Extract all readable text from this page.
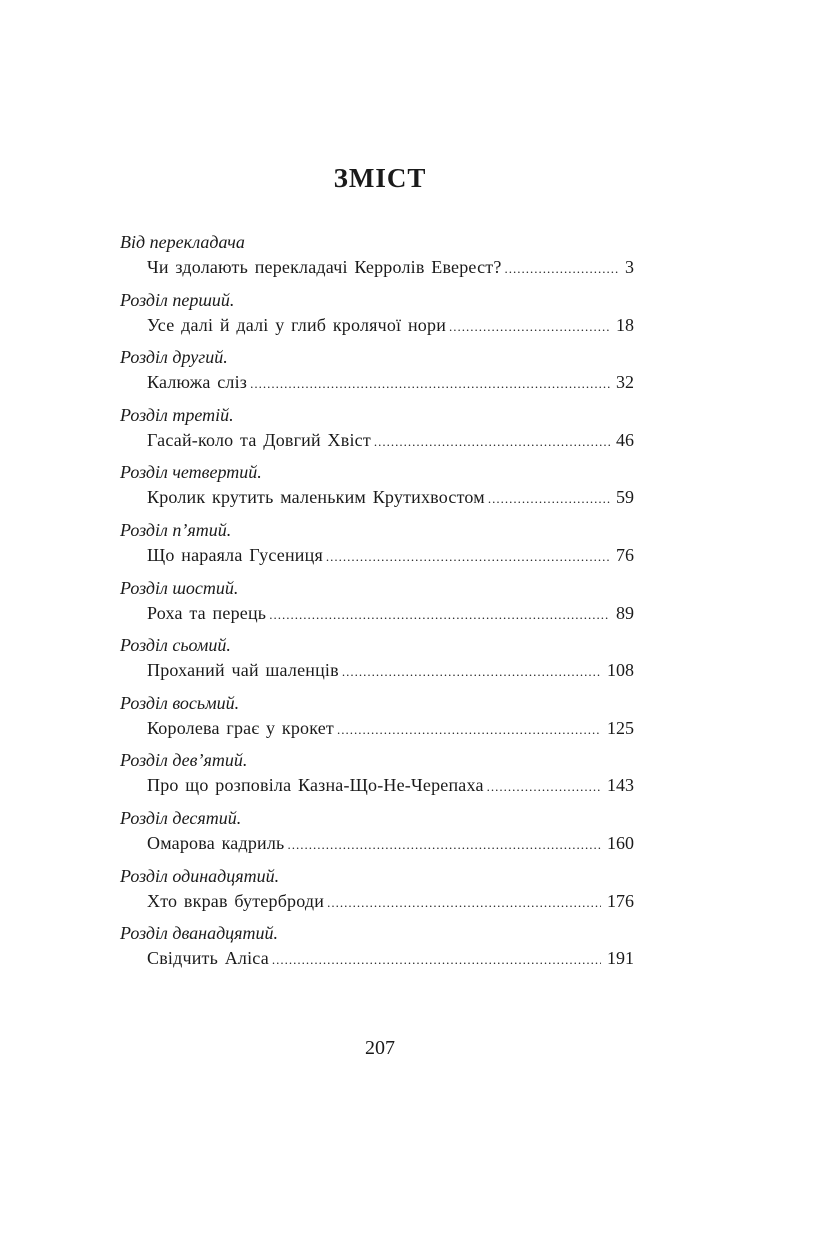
ЗМІСТ
Від перекладача
Чи здолають перекладачі Керролів Еверест? .....	3
Розділ перший.
Усе далі й далі у глиб кролячої нори .....	18
Розділ другий.
Калюжа сліз .....	32
Розділ третій.
Гасай-коло та Довгий Хвіст .....	46
Розділ четвертий.
Кролик крутить маленьким Крутихвостом .....	59
Розділ п’ятий.
Що нараяла Гусениця .....	76
Розділ шостий.
Роха та перець .....	89
Розділ сьомий.
Проханий чай шаленців .....	108
Розділ восьмий.
Королева грає у крокет .....	125
Розділ дев’ятий.
Про що розповіла Казна-Що-Не-Черепаха .....	143
Розділ десятий.
Омарова кадриль .....	160
Розділ одинадцятий.
Хто вкрав бутерброди .....	176
Розділ дванадцятий.
Свідчить Аліса .....	191
207
